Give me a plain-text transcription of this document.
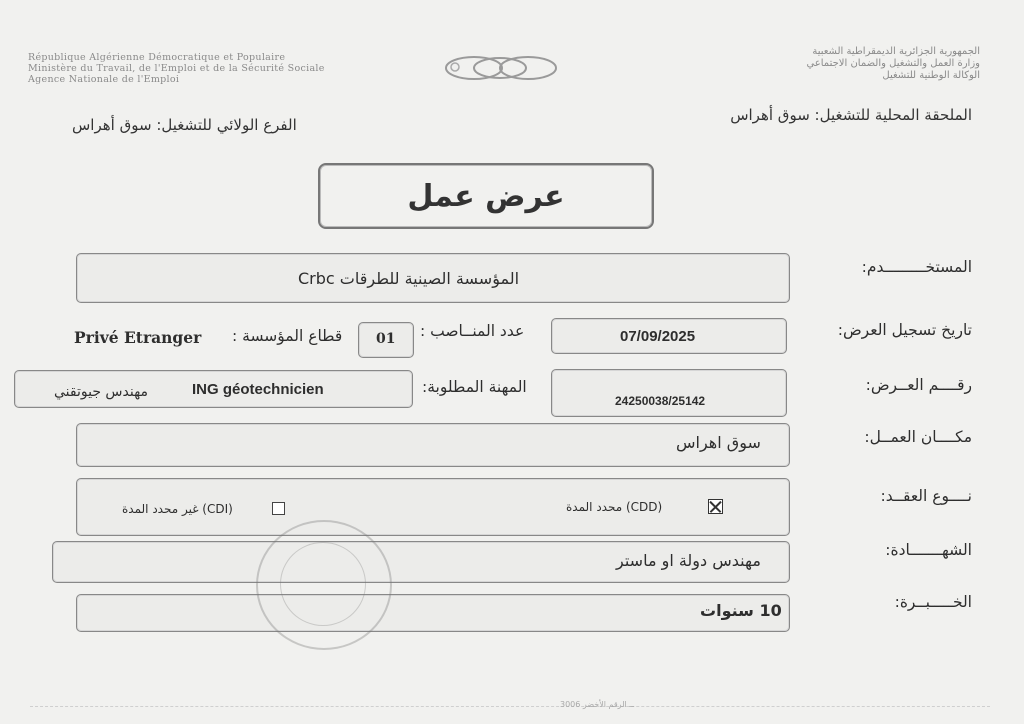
République Algérienne Démocratique et Populaire
Ministère du Travail, de l'Emploi et de la Sécurité Sociale
Agence Nationale de l'Emploi
الجمهورية الجزائرية الديمقراطية الشعبية
وزارة العمل والتشغيل والضمان الاجتماعي
الوكالة الوطنية للتشغيل
الملحقة المحلية للتشغيل: سوق أهراس
الفرع الولائي للتشغيل: سوق أهراس
عرض عمل
المستخـــــــــدم:
المؤسسة الصينية للطرقات Crbc
تاريخ تسجيل العرض:
07/09/2025
عدد المنــاصب :
01
قطاع المؤسسة :
Privé Etranger
رقــــم العــرض:
24250038/25142
المهنة المطلوبة:
ING géotechnicien
مهندس جيوتقني
مكــــان العمــل:
سوق اهراس
نــــوع العقــد:
(CDD) محدد المدة
(CDI) غير محدد المدة
الشهـــــــادة:
مهندس دولة او ماستر
الخـــــبــرة:
10 سنوات
ــ الرقم الأخضر 3006
